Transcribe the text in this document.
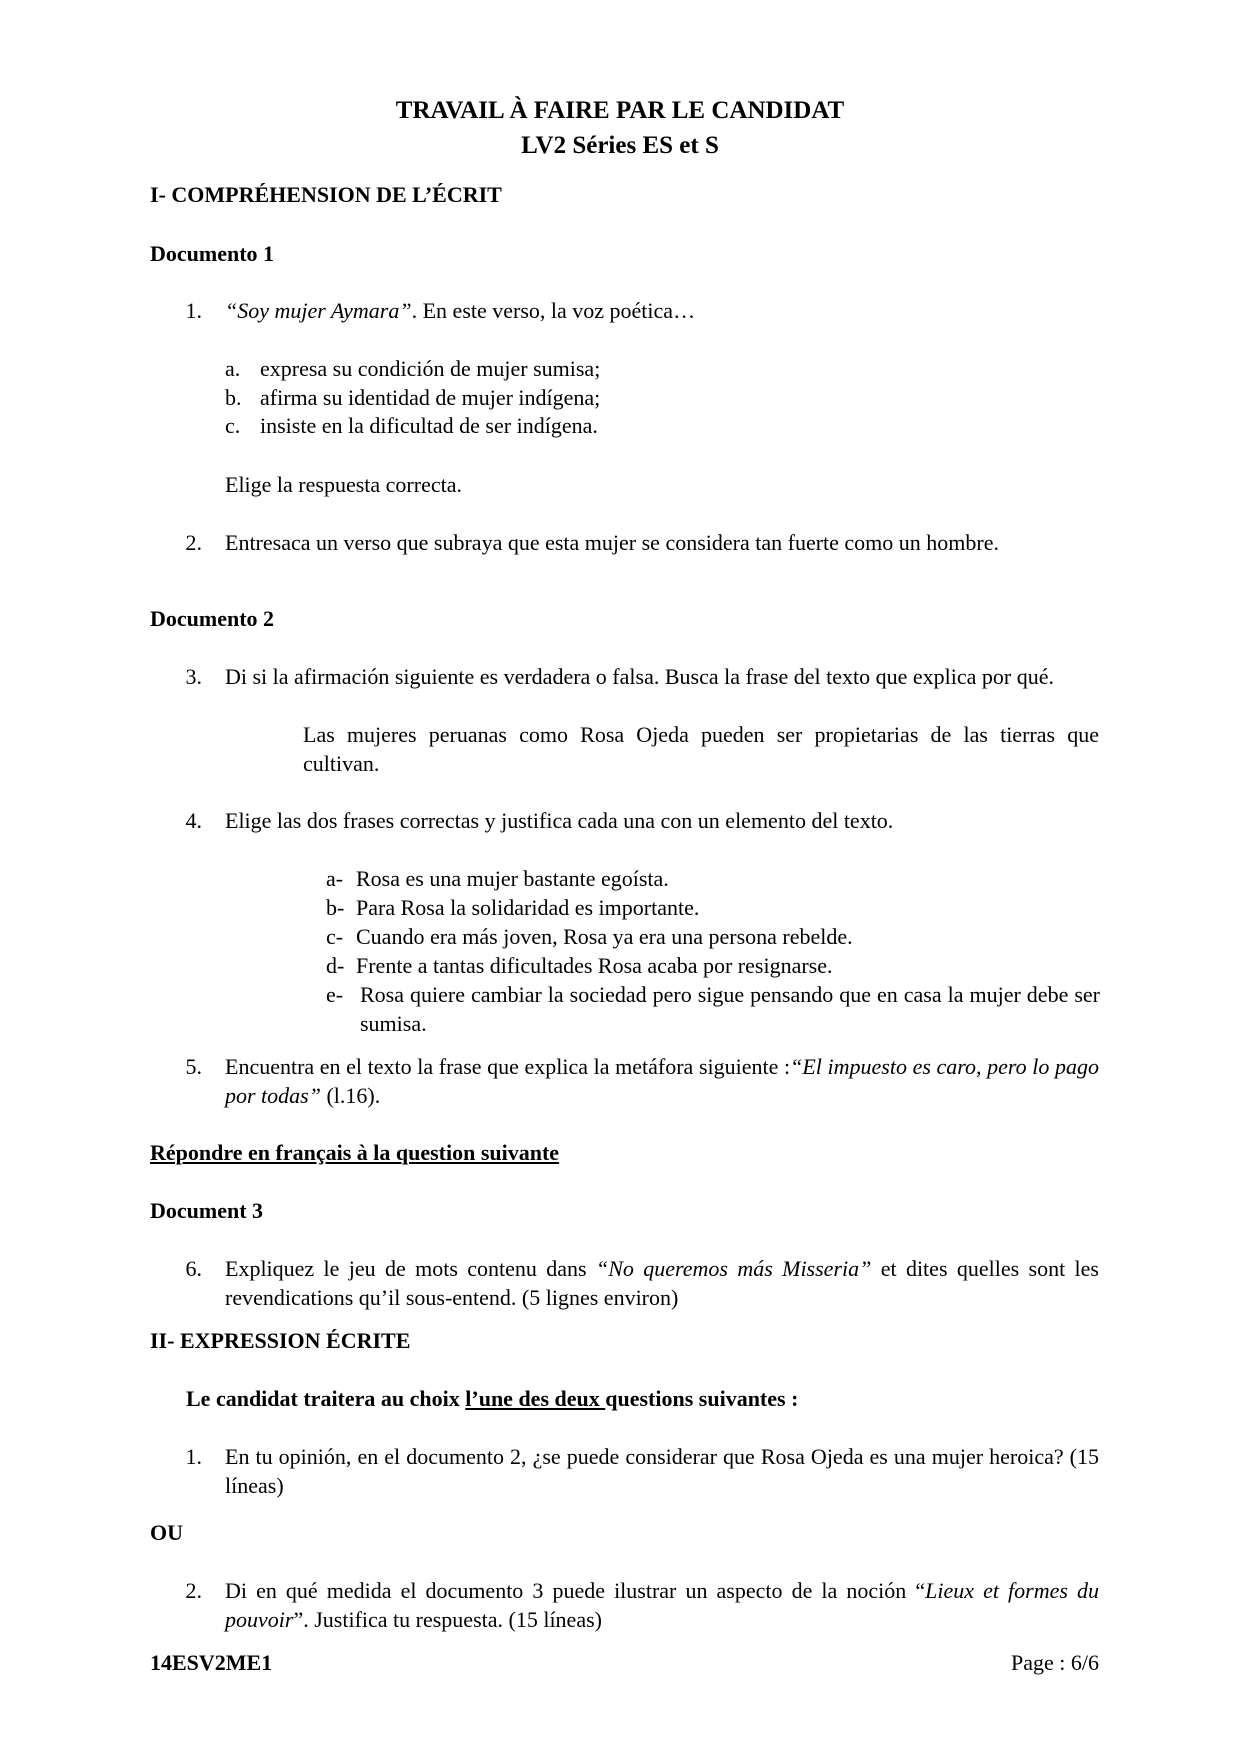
TRAVAIL À FAIRE PAR LE CANDIDAT
LV2 Séries ES et S
I- COMPRÉHENSION DE L’ÉCRIT
Documento 1
1. “Soy mujer Aymara”. En este verso, la voz poética…
a. expresa su condición de mujer sumisa;
b. afirma su identidad de mujer indígena;
c. insiste en la dificultad de ser indígena.
Elige la respuesta correcta.
2. Entresaca un verso que subraya que esta mujer se considera tan fuerte como un hombre.
Documento 2
3. Di si la afirmación siguiente es verdadera o falsa. Busca la frase del texto que explica por qué.
Las mujeres peruanas como Rosa Ojeda pueden ser propietarias de las tierras que cultivan.
4. Elige las dos frases correctas y justifica cada una con un elemento del texto.
a- Rosa es una mujer bastante egoísta.
b- Para Rosa la solidaridad es importante.
c- Cuando era más joven, Rosa ya era una persona rebelde.
d- Frente a tantas dificultades Rosa acaba por resignarse.
e- Rosa quiere cambiar la sociedad pero sigue pensando que en casa la mujer debe ser sumisa.
5. Encuentra en el texto la frase que explica la metáfora siguiente :“El impuesto es caro, pero lo pago por todas” (l.16).
Répondre en français à la question suivante
Document 3
6. Expliquez le jeu de mots contenu dans “No queremos más Misseria” et dites quelles sont les revendications qu’il sous-entend. (5 lignes environ)
II- EXPRESSION ÉCRITE
Le candidat traitera au choix l’une des deux questions suivantes :
1. En tu opinión, en el documento 2, ¿se puede considerar que Rosa Ojeda es una mujer heroica? (15 líneas)
OU
2. Di en qué medida el documento 3 puede ilustrar un aspecto de la noción “Lieux et formes du pouvoir”. Justifica tu respuesta. (15 líneas)
14ESV2ME1	Page : 6/6
